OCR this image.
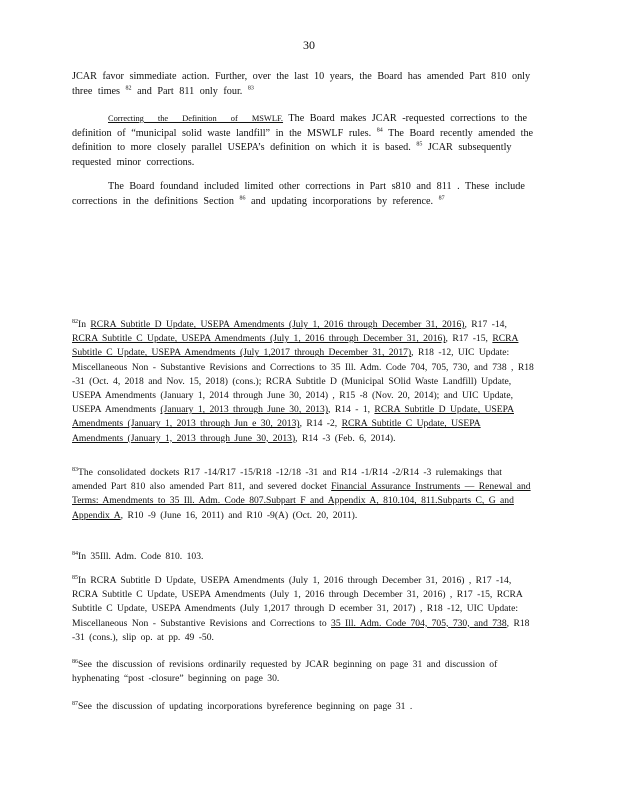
30

JCAR favor simmediate action. Further, over the last 10 years, the Board has amended Part 810 only three times $^{82}$ and Part 811 only four. $^{83}$

Correcting the Definition of MSWLF. The Board makes JCAR -requested corrections to the definition of “municipal solid waste landfill” in the MSWLF rules. $^{84}$ The Board recently amended the definition to more closely parallel USEPA’s definition on which it is based. $^{85}$ JCAR subsequently requested minor corrections.

The Board foundand included limited other corrections in Part s810 and 811 . These include corrections in the definitions Section $^{86}$ and updating incorporations by reference. $^{87}$

$^{82}$In RCRA Subtitle D Update, USEPA Amendments (July 1, 2016 through December 31, 2016), R17 -14, RCRA Subtitle C Update, USEPA Amendments (July 1, 2016 through December 31, 2016), R17 -15, RCRA Subtitle C Update, USEPA Amendments (July 1,2017 through December 31, 2017), R18 -12, UIC Update: Miscellaneous Non - Substantive Revisions and Corrections to 35 Ill. Adm. Code 704, 705, 730, and 738 , R18 -31 (Oct. 4, 2018 and Nov. 15, 2018) (cons.); RCRA Subtitle D (Municipal SOlid Waste Landfill) Update, USEPA Amendments (January 1, 2014 through June 30, 2014) , R15 -8 (Nov. 20, 2014); and UIC Update, USEPA Amendments (January 1, 2013 through June 30, 2013), R14 - 1, RCRA Subtitle D Update, USEPA Amendments (January 1, 2013 through Jun e 30, 2013), R14 -2, RCRA Subtitle C Update, USEPA Amendments (January 1, 2013 through June 30, 2013), R14 -3 (Feb. 6, 2014).

$^{83}$The consolidated dockets R17 -14/R17 -15/R18 -12/18 -31 and R14 -1/R14 -2/R14 -3 rulemakings that amended Part 810 also amended Part 811, and severed docket Financial Assurance Instruments — Renewal and Terms: Amendments to 35 Ill. Adm. Code 807.Subpart F and Appendix A, 810.104, 811.Subparts C, G and Appendix A, R10 -9 (June 16, 2011) and R10 -9(A) (Oct. 20, 2011).

$^{84}$In 35Ill. Adm. Code 810. 103.

$^{85}$In RCRA Subtitle D Update, USEPA Amendments (July 1, 2016 through December 31, 2016) , R17 -14, RCRA Subtitle C Update, USEPA Amendments (July 1, 2016 through December 31, 2016) , R17 -15, RCRA Subtitle C Update, USEPA Amendments (July 1,2017 through D ecember 31, 2017) , R18 -12, UIC Update: Miscellaneous Non - Substantive Revisions and Corrections to 35 Ill. Adm. Code 704, 705, 730, and 738, R18 -31 (cons.), slip op. at pp. 49 -50.

$^{86}$See the discussion of revisions ordinarily requested by JCAR beginning on page 31 and discussion of hyphenating “post -closure” beginning on page 30.

$^{87}$See the discussion of updating incorporations byreference beginning on page 31 .
